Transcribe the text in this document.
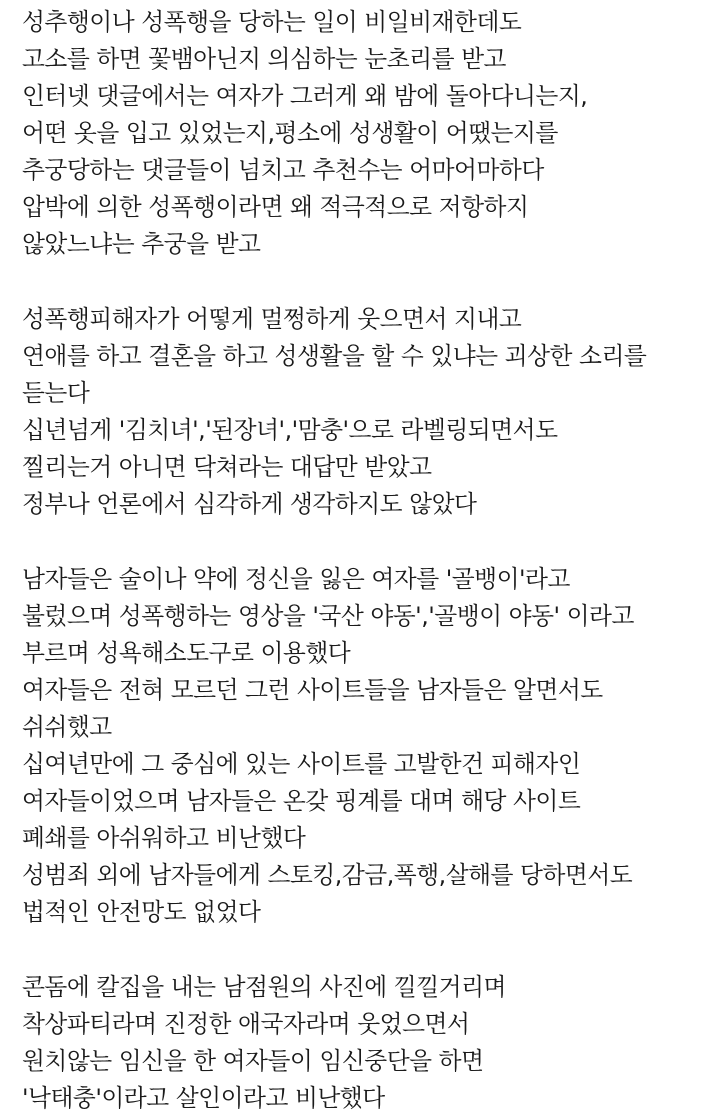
성추행이나 성폭행을 당하는 일이 비일비재한데도
고소를 하면 꽃뱀아닌지 의심하는 눈초리를 받고
인터넷 댓글에서는 여자가 그러게 왜 밤에 돌아다니는지,
어떤 옷을 입고 있었는지,평소에 성생활이 어땠는지를
추궁당하는 댓글들이 넘치고 추천수는 어마어마하다
압박에 의한 성폭행이라면 왜 적극적으로 저항하지
않았느냐는 추궁을 받고
성폭행피해자가 어떻게 멀쩡하게 웃으면서 지내고
연애를 하고 결혼을 하고 성생활을 할 수 있냐는 괴상한 소리를
듣는다
십년넘게 '김치녀','된장녀','맘충'으로 라벨링되면서도
찔리는거 아니면 닥쳐라는 대답만 받았고
정부나 언론에서 심각하게 생각하지도 않았다
남자들은 술이나 약에 정신을 잃은 여자를 '골뱅이'라고
불렀으며 성폭행하는 영상을 '국산 야동','골뱅이 야동' 이라고
부르며 성욕해소도구로 이용했다
여자들은 전혀 모르던 그런 사이트들을 남자들은 알면서도
쉬쉬했고
십여년만에 그 중심에 있는 사이트를 고발한건 피해자인
여자들이었으며 남자들은 온갖 핑계를 대며 해당 사이트
폐쇄를 아쉬워하고 비난했다
성범죄 외에 남자들에게 스토킹,감금,폭행,살해를 당하면서도
법적인 안전망도 없었다
콘돔에 칼집을 내는 남점원의 사진에 낄낄거리며
착상파티라며 진정한 애국자라며 웃었으면서
원치않는 임신을 한 여자들이 임신중단을 하면
'낙태충'이라고 살인이라고 비난했다
